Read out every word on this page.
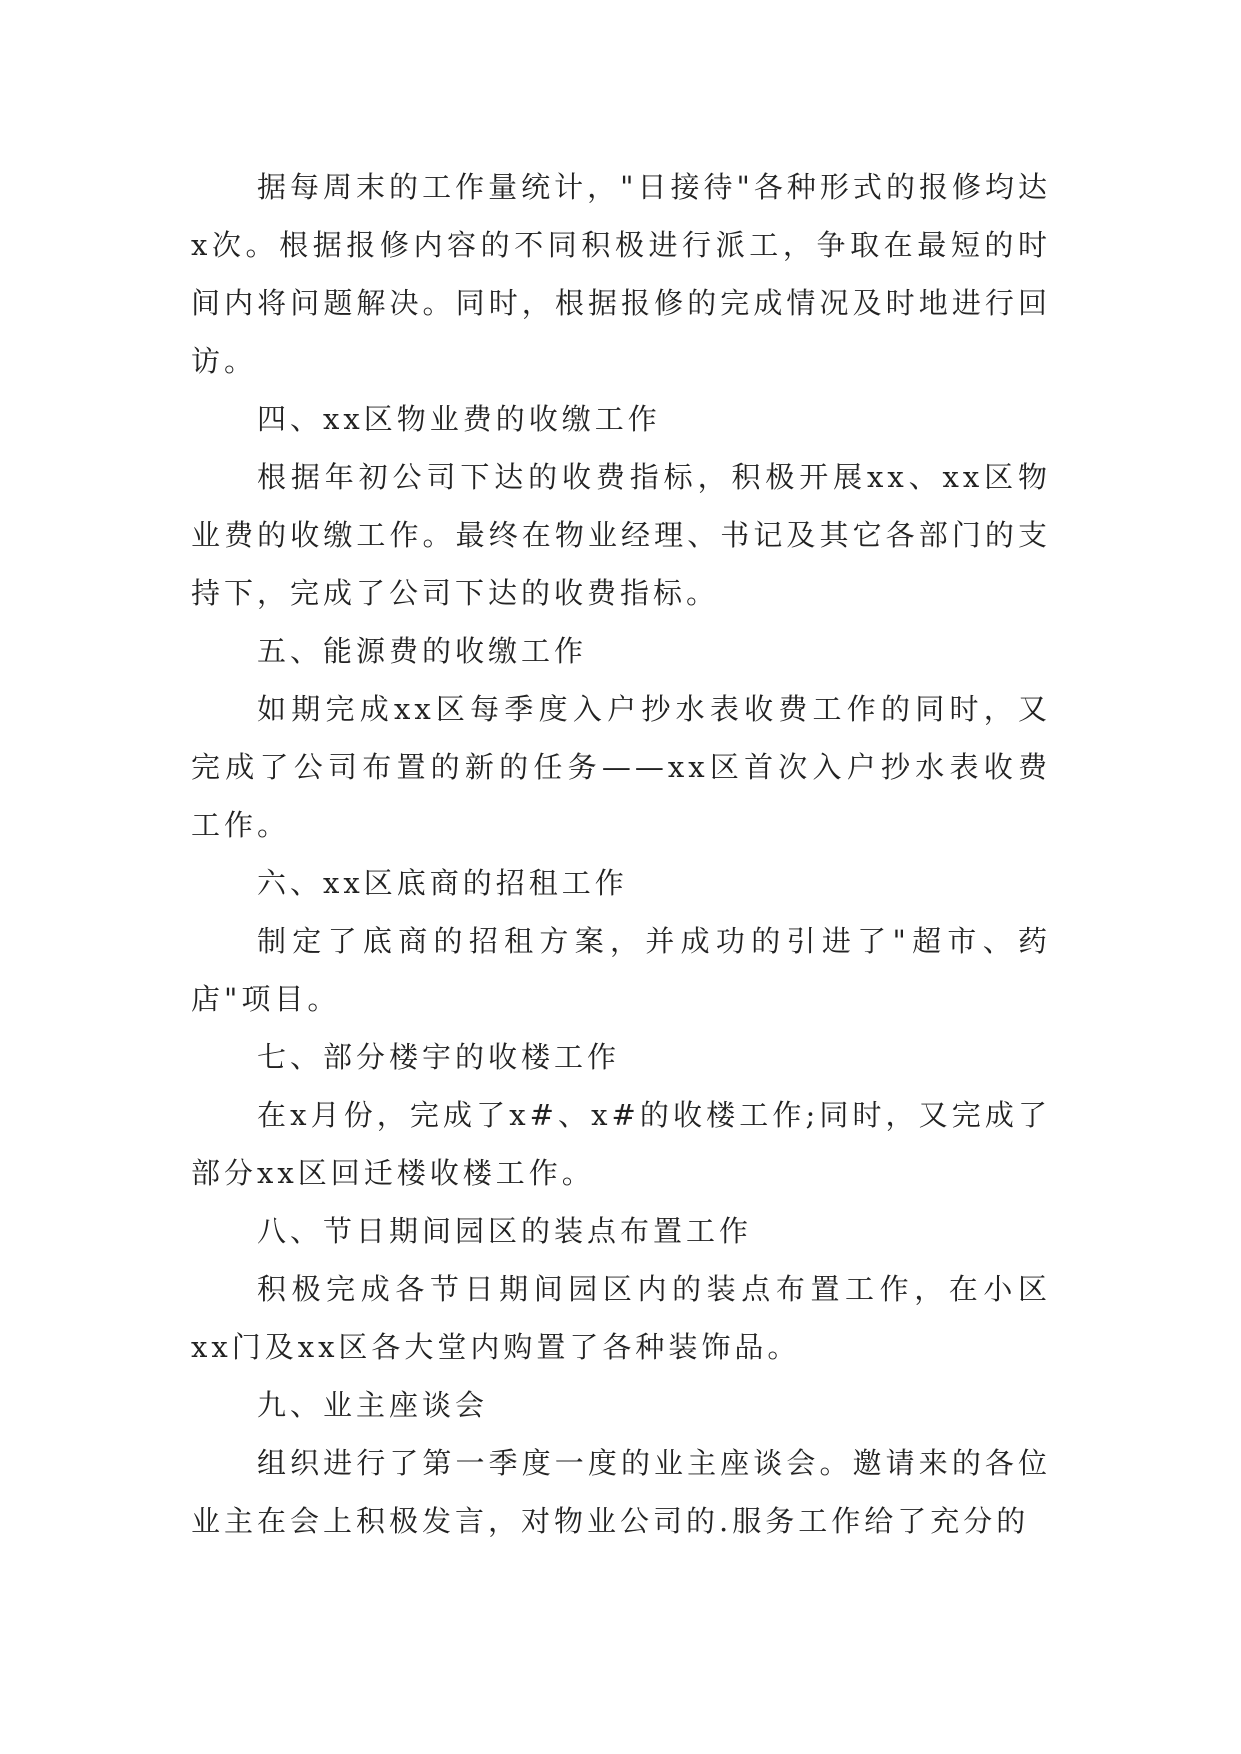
据每周末的工作量统计，"日接待"各种形式的报修均达x次。根据报修内容的不同积极进行派工，争取在最短的时间内将问题解决。同时，根据报修的完成情况及时地进行回访。

四、xx区物业费的收缴工作

根据年初公司下达的收费指标，积极开展xx、xx区物业费的收缴工作。最终在物业经理、书记及其它各部门的支持下，完成了公司下达的收费指标。

五、能源费的收缴工作

如期完成xx区每季度入户抄水表收费工作的同时，又完成了公司布置的新的任务——xx区首次入户抄水表收费工作。

六、xx区底商的招租工作

制定了底商的招租方案，并成功的引进了"超市、药店"项目。

七、部分楼宇的收楼工作

在x月份，完成了x#、x#的收楼工作;同时，又完成了部分xx区回迁楼收楼工作。

八、节日期间园区的装点布置工作

积极完成各节日期间园区内的装点布置工作，在小区xx门及xx区各大堂内购置了各种装饰品。

九、业主座谈会

组织进行了第一季度一度的业主座谈会。邀请来的各位业主在会上积极发言，对物业公司的.服务工作给了充分的
